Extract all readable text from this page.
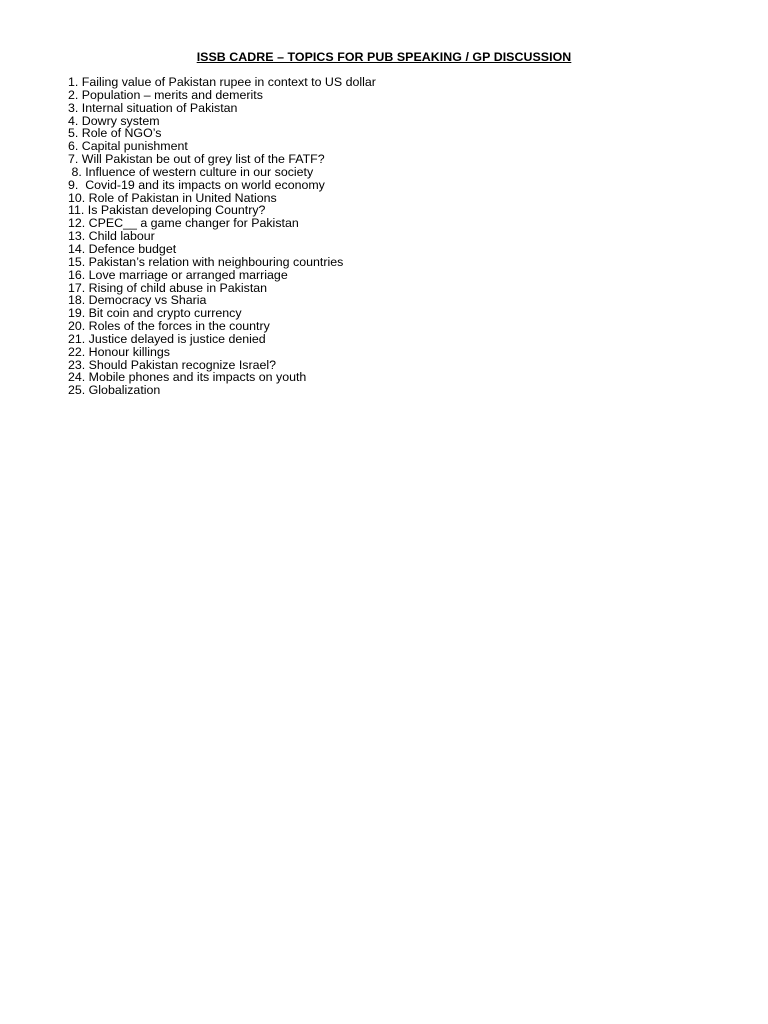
ISSB CADRE – TOPICS FOR PUB SPEAKING / GP DISCUSSION
1. Failing value of Pakistan rupee in context to US dollar
2. Population – merits and demerits
3. Internal situation of Pakistan
4. Dowry system
5. Role of NGO’s
6. Capital punishment
7. Will Pakistan be out of grey list of the FATF?
8. Influence of western culture in our society
9.  Covid-19 and its impacts on world economy
10. Role of Pakistan in United Nations
11. Is Pakistan developing Country?
12. CPEC__ a game changer for Pakistan
13. Child labour
14. Defence budget
15. Pakistan’s relation with neighbouring countries
16. Love marriage or arranged marriage
17. Rising of child abuse in Pakistan
18. Democracy vs Sharia
19. Bit coin and crypto currency
20. Roles of the forces in the country
21. Justice delayed is justice denied
22. Honour killings
23. Should Pakistan recognize Israel?
24. Mobile phones and its impacts on youth
25. Globalization
